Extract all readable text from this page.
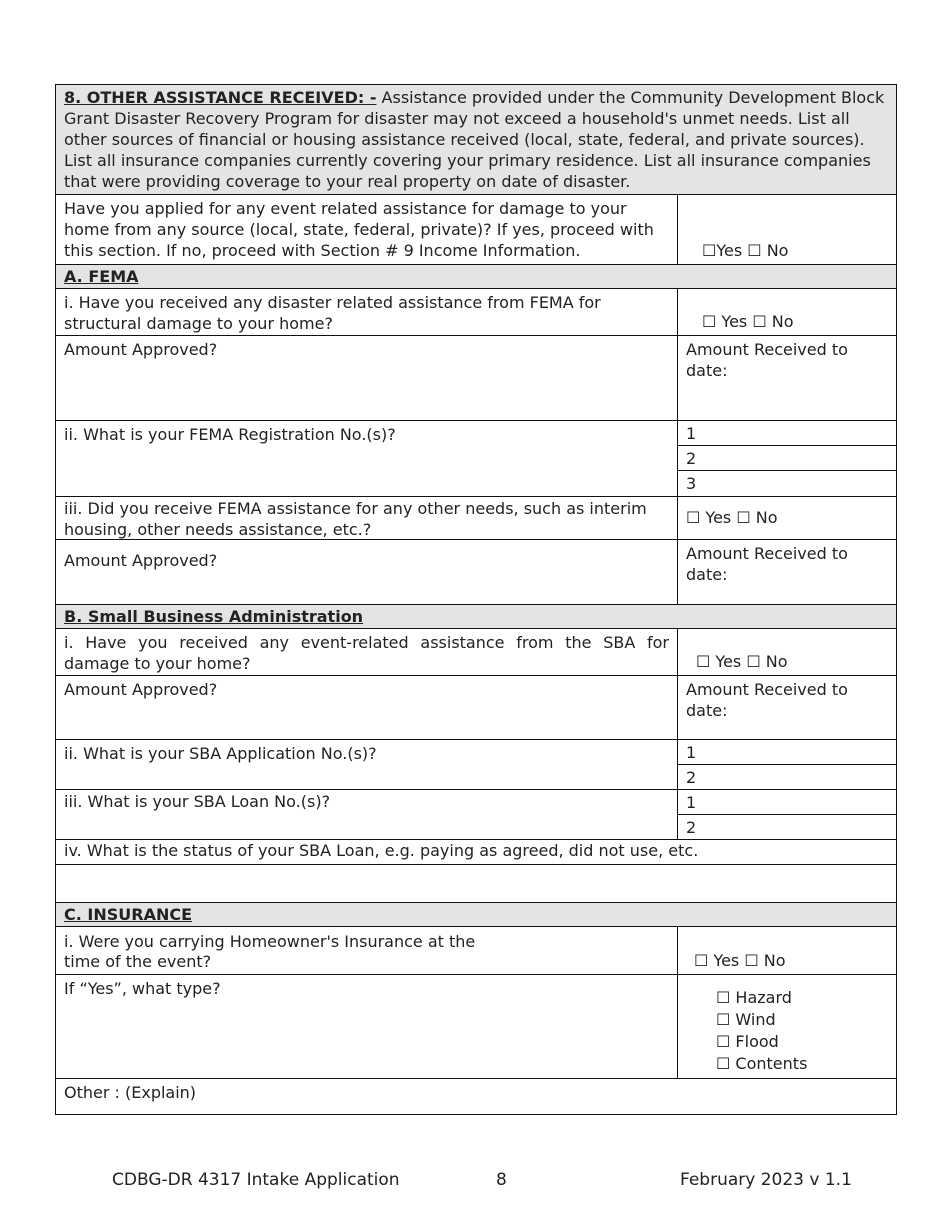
8. OTHER ASSISTANCE RECEIVED: - Assistance provided under the Community Development Block Grant Disaster Recovery Program for disaster may not exceed a household's unmet needs. List all other sources of financial or housing assistance received (local, state, federal, and private sources). List all insurance companies currently covering your primary residence. List all insurance companies that were providing coverage to your real property on date of disaster.
Have you applied for any event related assistance for damage to your home from any source (local, state, federal, private)? If yes, proceed with this section. If no, proceed with Section # 9 Income Information.	☐Yes ☐ No
A. FEMA
i. Have you received any disaster related assistance from FEMA for structural damage to your home?	☐ Yes ☐ No
Amount Approved?	Amount Received to date:
ii. What is your FEMA Registration No.(s)?	1
2
3
iii. Did you receive FEMA assistance for any other needs, such as interim housing, other needs assistance, etc.?
☐ Yes ☐ No
Amount Approved?	Amount Received to date:
B. Small Business Administration
i. Have you received any event-related assistance from the SBA for damage to your home?	☐ Yes ☐ No
Amount Approved?	Amount Received to date:
ii. What is your SBA Application No.(s)?	1
2
iii. What is your SBA Loan No.(s)?	1
2
iv. What is the status of your SBA Loan, e.g. paying as agreed, did not use, etc.
C. INSURANCE
i. Were you carrying Homeowner's Insurance at the
time of the event?	☐ Yes ☐ No
If “Yes”, what type?	☐ Hazard
☐ Wind
☐ Flood
☐ Contents
Other : (Explain)
CDBG-DR 4317 Intake Application	8	February 2023 v 1.1
